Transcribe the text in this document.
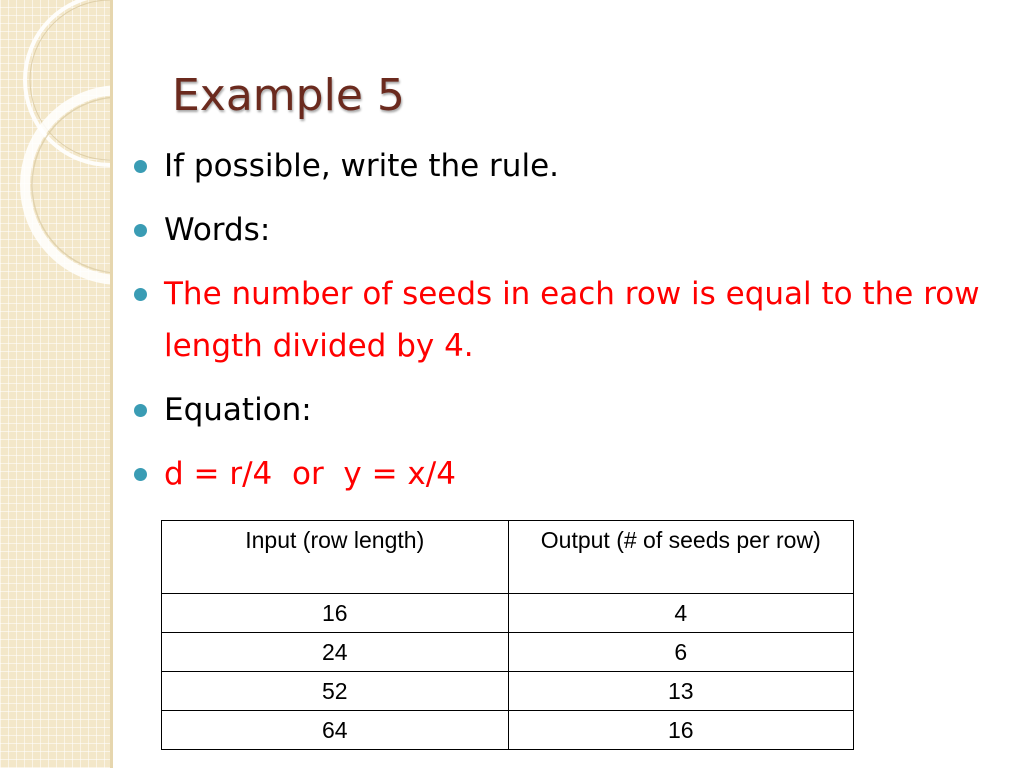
Example 5
If possible, write the rule.
Words:
The number of seeds in each row is equal to the row length divided by 4.
Equation:
d = r/4  or  y = x/4
Input (row length)	Output (# of seeds per row)
16	4
24	6
52	13
64	16
